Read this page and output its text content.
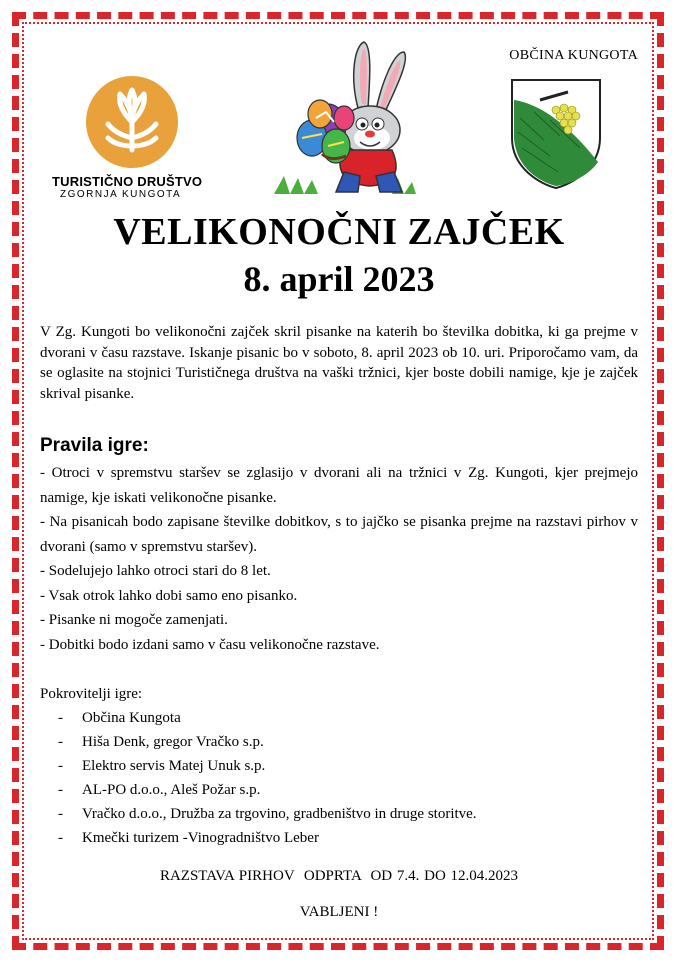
OBČINA KUNGOTA
TURISTIČNO DRUŠTVO
ZGORNJA KUNGOTA
VELIKONOČNI ZAJČEK
8. april 2023
V Zg. Kungoti bo velikonočni zajček skril pisanke na katerih bo številka dobitka, ki ga prejme v dvorani v času razstave. Iskanje pisanic bo v soboto, 8. april 2023 ob 10. uri. Priporočamo vam, da se oglasite na stojnici Turističnega društva na vaški tržnici, kjer boste dobili namige, kje je zajček skrival pisanke.
Pravila igre:

- Otroci v spremstvu staršev se zglasijo v dvorani ali na tržnici v Zg. Kungoti, kjer prejmejo namige, kje iskati velikonočne pisanke.

- Na pisanicah bodo zapisane številke dobitkov, s to jajčko se pisanka prejme na razstavi pirhov v dvorani (samo v spremstvu staršev).

- Sodelujejo lahko otroci stari do 8 let.

- Vsak otrok lahko dobi samo eno pisanko.

- Pisanke ni mogoče zamenjati.

- Dobitki bodo izdani samo v času velikonočne razstave.

Pokrovitelji igre:
-	Občina Kungota
-	Hiša Denk, gregor Vračko s.p.
-	Elektro servis Matej Unuk s.p.
-	AL-PO d.o.o., Aleš Požar s.p.
-	Vračko d.o.o., Družba za trgovino, gradbeništvo in druge storitve.
-	Kmečki turizem -Vinogradništvo Leber
RAZSTAVA PIRHOV  ODPRTA  OD 7.4. DO 12.04.2023
VABLJENI !
